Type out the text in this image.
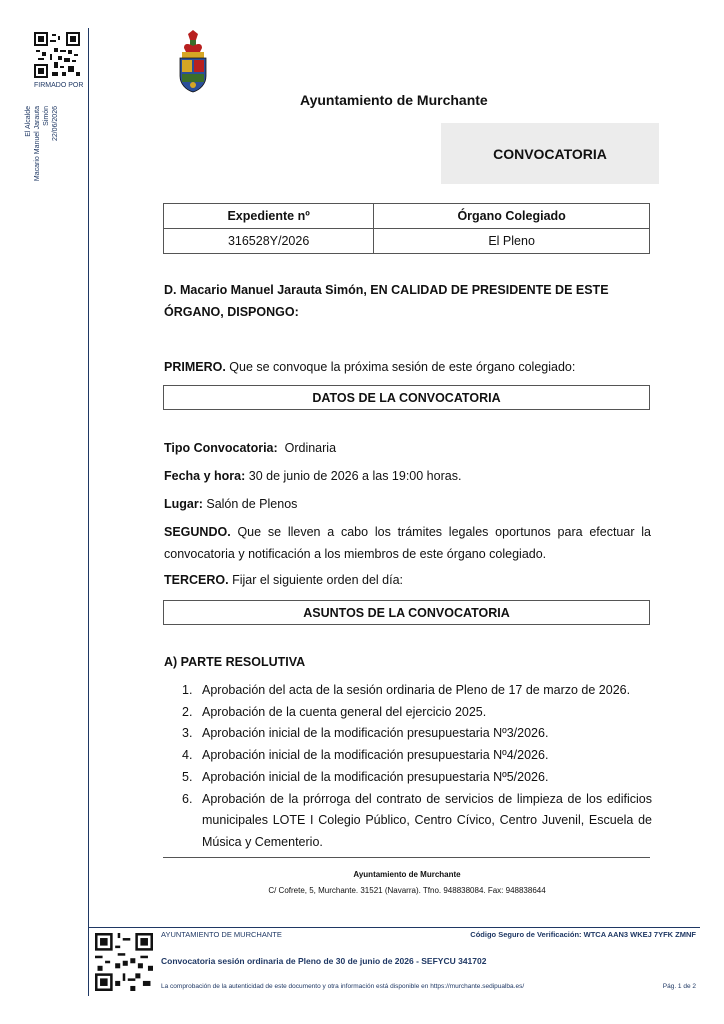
FIRMADO POR
El Alcalde Macario Manuel Jarauta Simón 22/06/2026
Ayuntamiento de Murchante
CONVOCATORIA
Expediente nº	Órgano Colegiado
316528Y/2026	El Pleno
D. Macario Manuel Jarauta Simón, EN CALIDAD DE PRESIDENTE DE ESTE ÓRGANO, DISPONGO:
PRIMERO. Que se convoque la próxima sesión de este órgano colegiado:
DATOS DE LA CONVOCATORIA
Tipo Convocatoria:  Ordinaria
Fecha y hora: 30 de junio de 2026 a las 19:00 horas.
Lugar: Salón de Plenos
SEGUNDO. Que se lleven a cabo los trámites legales oportunos para efectuar la convocatoria y notificación a los miembros de este órgano colegiado.
TERCERO. Fijar el siguiente orden del día:
ASUNTOS DE LA CONVOCATORIA
A) PARTE RESOLUTIVA
1. Aprobación del acta de la sesión ordinaria de Pleno de 17 de marzo de 2026.
2. Aprobación de la cuenta general del ejercicio 2025.
3. Aprobación inicial de la modificación presupuestaria Nº3/2026.
4. Aprobación inicial de la modificación presupuestaria Nº4/2026.
5. Aprobación inicial de la modificación presupuestaria Nº5/2026.
6. Aprobación de la prórroga del contrato de servicios de limpieza de los edificios municipales LOTE I Colegio Público, Centro Cívico, Centro Juvenil, Escuela de Música y Cementerio.
Ayuntamiento de Murchante
C/ Cofrete, 5, Murchante. 31521 (Navarra). Tfno. 948838084. Fax: 948838644
AYUNTAMIENTO DE MURCHANTE	Código Seguro de Verificación: WTCA AAN3 WKEJ 7YFK ZMNF
Convocatoria sesión ordinaria de Pleno de 30 de junio de 2026 - SEFYCU 341702
La comprobación de la autenticidad de este documento y otra información está disponible en https://murchante.sedipualba.es/	Pág. 1 de 2
